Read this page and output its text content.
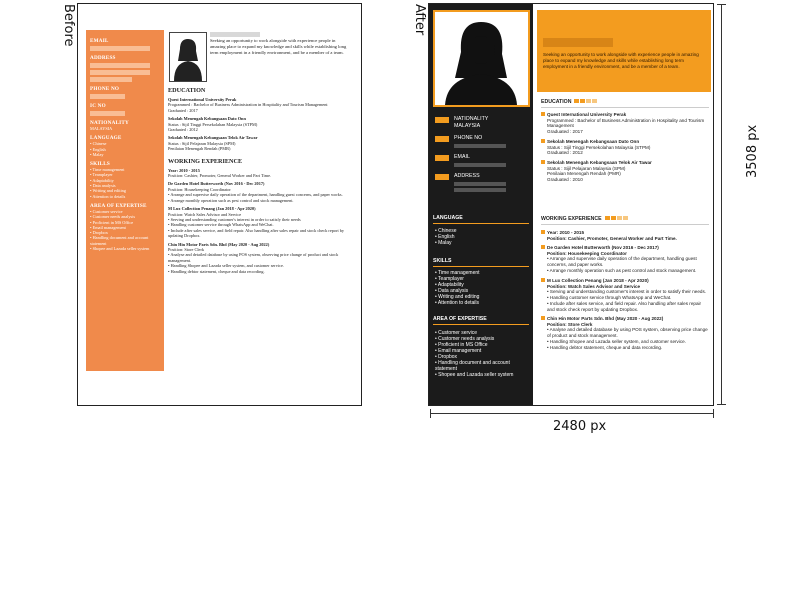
Before	After
EMAIL
ADDRESS
PHONE NO
IC NO
NATIONALITY
MALAYSIA
LANGUAGE
• Chinese
• English
• Malay
SKILLS
• Time management
• Teamplayer
• Adaptability
• Data analysis
• Writing and editing
• Attention to details
AREA OF EXPERTISE
• Customer service
• Customer needs analysis
• Proficient in MS Office
• Email management
• Dropbox
• Handling document and account statement
• Shopee and Lazada seller system
Seeking an opportunity to work alongside with experience people in amazing place to expand my knowledge and skills while establishing long term employment in a friendly environment, and be a member of a team.
EDUCATION
Quest International University Perak
Programmed : Bachelor of Business Administration in Hospitality and Tourism Management
Graduated : 2017
Sekolah Menengah Kebangsaan Dato Onn
Status : Sijil Tinggi Persekolahan Malaysia (STPM)
Graduated : 2012
Sekolah Menengah Kebangsaan Telok Air Tawar
Status : Sijil Pelajaran Malaysia (SPM)
Penilaian Menengah Rendah (PMR)
WORKING EXPERIENCE
Year: 2010 - 2015
Position: Cashier, Promoter, General Worker and Part Time.
De Garden Hotel Butterworth (Nov 2016 - Dec 2017)
Position: Housekeeping Coordinator
• Arrange and supervise daily operation of the department, handling guest concerns, and paper works.
• Arrange monthly operation such as pest control and stock management.
M Lux Collection Penang (Jan 2018 - Apr 2020)
Position: Watch Sales Advisor and Service
• Serving and understanding customer's interest in order to satisfy their needs
• Handling customer service through WhatsApp and WeChat.
• Include after sales service, and field repair. Also handling after sales repair and stock check report by updating Dropbox.
Chin Hin Motor Parts Sdn. Bhd (May 2020 - Aug 2022)
Position: Store Clerk
• Analyse and detailed database by using POS system, observing price change of product and stock management.
• Handling Shopee and Lazada seller system, and customer service.
• Handling debtor statement, cheque and data recording.
NATIONALITY
MALAYSIA
PHONE NO
EMAIL
ADDRESS
LANGUAGE
• Chinese
• English
• Malay
SKILLS
• Time management
• Teamplayer
• Adaptability
• Data analysis
• Writing and editing
• Attention to details
AREA OF EXPERTISE
• Customer service
• Customer needs analysis
• Proficient in MS Office
• Email management
• Dropbox
• Handling document and account statement
• Shopee and Lazada seller system
Seeking an opportunity to work alongside with experience people in amazing place to expand my knowledge and skills while establishing long term employment in a friendly environment, and be a member of a team.
EDUCATION
Quest International University Perak
Programmed : Bachelor of Business Administration in Hospitality and Tourism Management
Graduated : 2017
Sekolah Menengah Kebangsaan Dato Onn
Status : Sijil Tinggi Persekolahan Malaysia (STPM)
Graduated : 2012
Sekolah Menengah Kebangsaan Telok Air Tawar
Status : Sijil Pelajaran Malaysia (SPM)
Penilaian Menengah Rendah (PMR)
Graduated : 2010
WORKING EXPERIENCE
Year: 2010 - 2015
Position: Cashier, Promoter, General Worker and Part Time.
De Garden Hotel Butterworth (Nov 2016 - Dec 2017)
Position: Housekeeping Coordinator
• Arrange and supervise daily operation of the department, handling guest concerns, and paper works.
• Arrange monthly operation such as pest control and stock management.
M Lux Collection Penang (Jan 2018 - Apr 2020)
Position: Watch Sales Advisor and Service
• Serving and understanding customer's interest in order to satisfy their needs.
• Handling customer service through WhatsApp and WeChat.
• Include after sales service, and field repair. Also handling after sales repair and stock check report by updating Dropbox.
Chin Hin Motor Parts Sdn. Bhd (May 2020 - Aug 2022)
Position: Store Clerk
• Analyse and detailed database by using POS system, observing price change of product and stock management.
• Handling Shopee and Lazada seller system, and customer service.
• Handling debtor statement, cheque and data recording.
2480 px
3508 px
